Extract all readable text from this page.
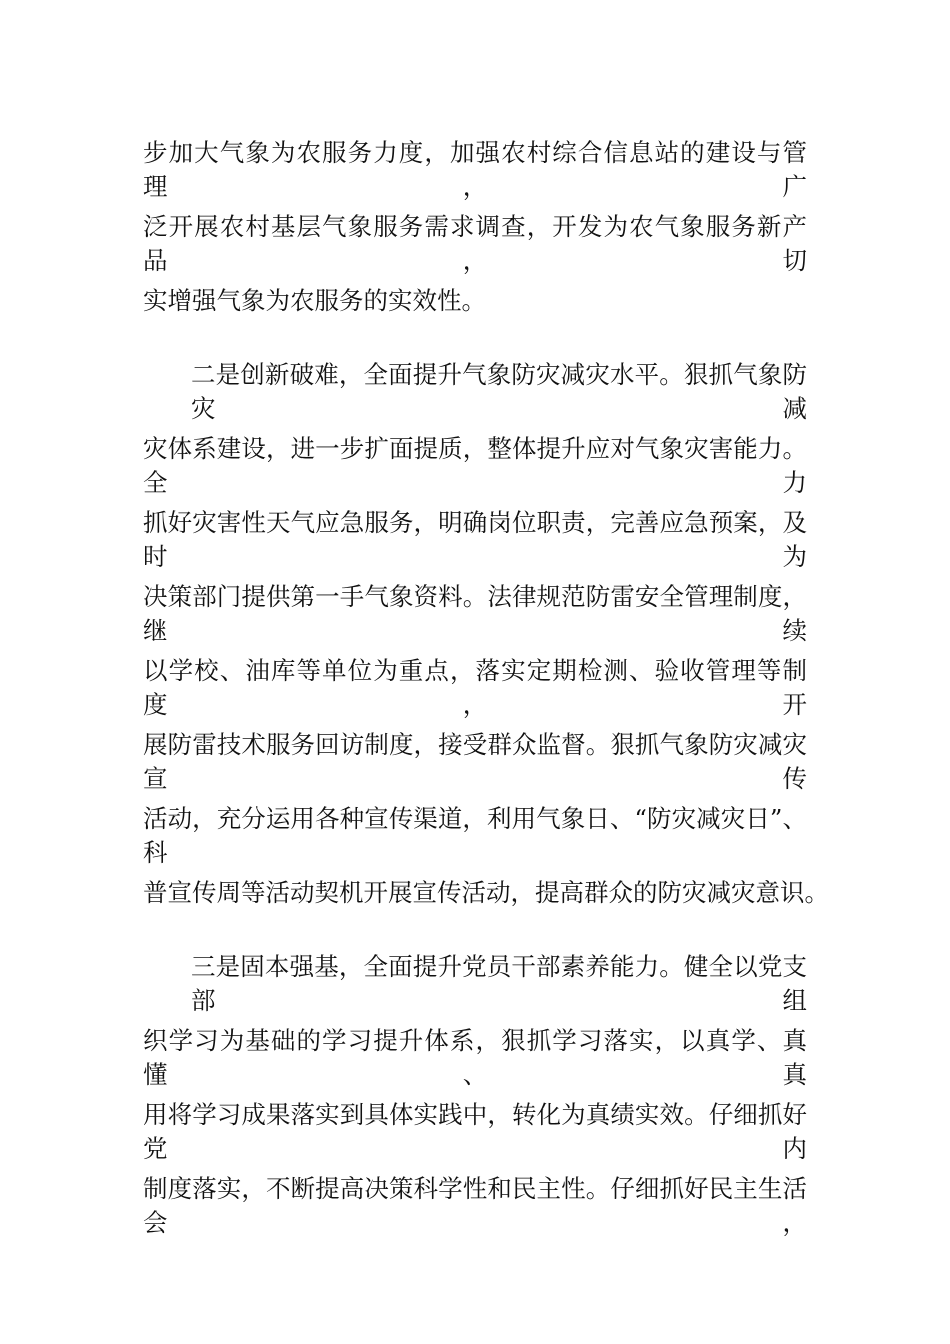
步加大气象为农服务力度，加强农村综合信息站的建设与管理，广

泛开展农村基层气象服务需求调查，开发为农气象服务新产品，切

实增强气象为农服务的实效性。

二是创新破难，全面提升气象防灾减灾水平。狠抓气象防灾减

灾体系建设，进一步扩面提质，整体提升应对气象灾害能力。全力

抓好灾害性天气应急服务，明确岗位职责，完善应急预案，及时为

决策部门提供第一手气象资料。法律规范防雷安全管理制度，继续

以学校、油库等单位为重点，落实定期检测、验收管理等制度，开

展防雷技术服务回访制度，接受群众监督。狠抓气象防灾减灾宣传

活动，充分运用各种宣传渠道，利用气象日、“防灾减灾日”、科

普宣传周等活动契机开展宣传活动，提高群众的防灾减灾意识。

三是固本强基，全面提升党员干部素养能力。健全以党支部组

织学习为基础的学习提升体系，狠抓学习落实，以真学、真懂、真

用将学习成果落实到具体实践中，转化为真绩实效。仔细抓好党内

制度落实，不断提高决策科学性和民主性。仔细抓好民主生活会，
